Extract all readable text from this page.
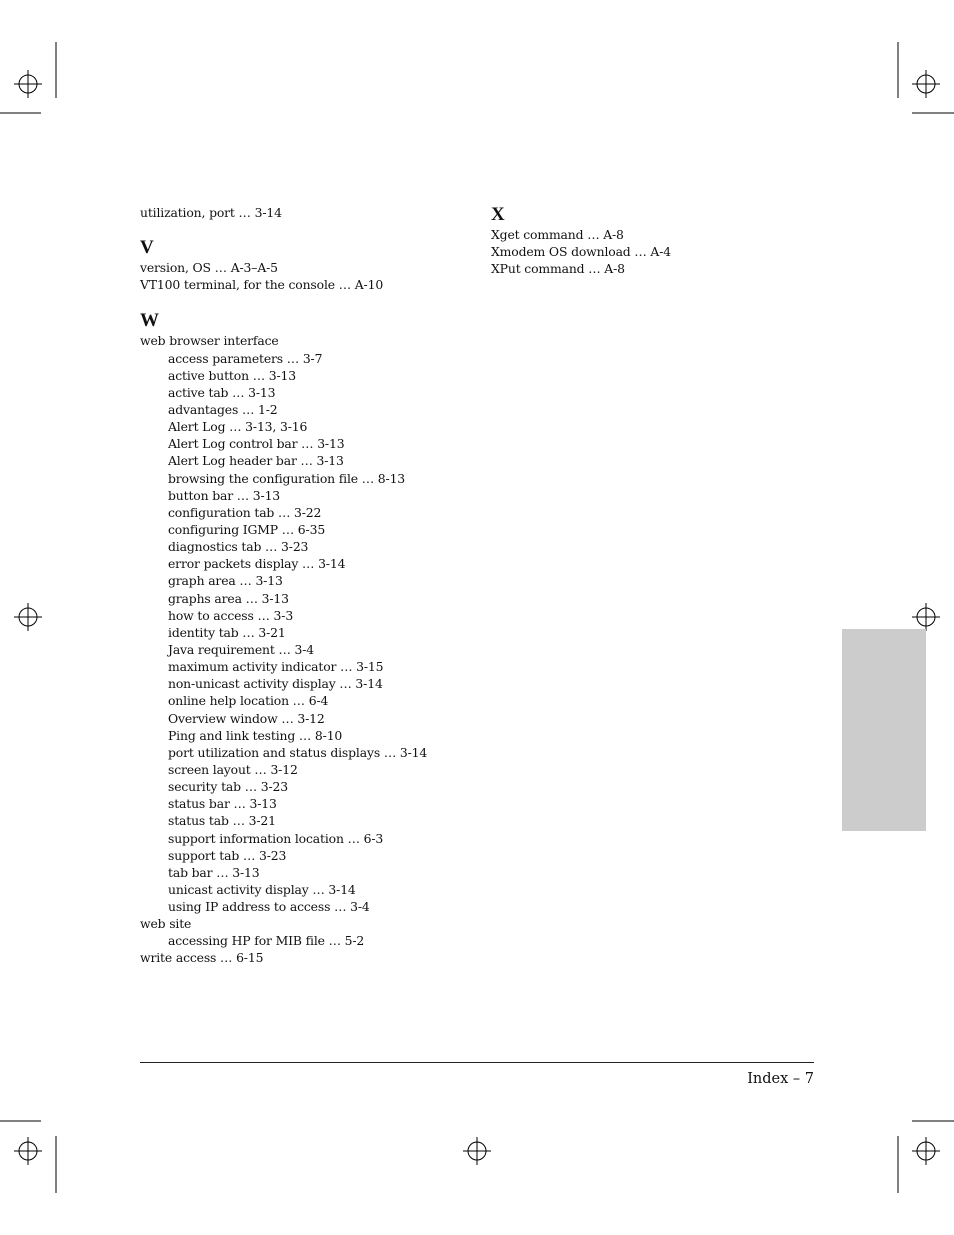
utilization, port … 3-14
V
version, OS … A-3–A-5
VT100 terminal, for the console … A-10
W
web browser interface
access parameters … 3-7
active button … 3-13
active tab … 3-13
advantages … 1-2
Alert Log … 3-13, 3-16
Alert Log control bar … 3-13
Alert Log header bar … 3-13
browsing the configuration file … 8-13
button bar … 3-13
configuration tab … 3-22
configuring IGMP … 6-35
diagnostics tab … 3-23
error packets display … 3-14
graph area … 3-13
graphs area … 3-13
how to access … 3-3
identity tab … 3-21
Java requirement … 3-4
maximum activity indicator … 3-15
non-unicast activity display … 3-14
online help location … 6-4
Overview window … 3-12
Ping and link testing … 8-10
port utilization and status displays … 3-14
screen layout … 3-12
security tab … 3-23
status bar … 3-13
status tab … 3-21
support information location … 6-3
support tab … 3-23
tab bar … 3-13
unicast activity display … 3-14
using IP address to access … 3-4
web site
accessing HP for MIB file … 5-2
write access … 6-15
X
Xget command … A-8
Xmodem OS download … A-4
XPut command … A-8
Index – 7
